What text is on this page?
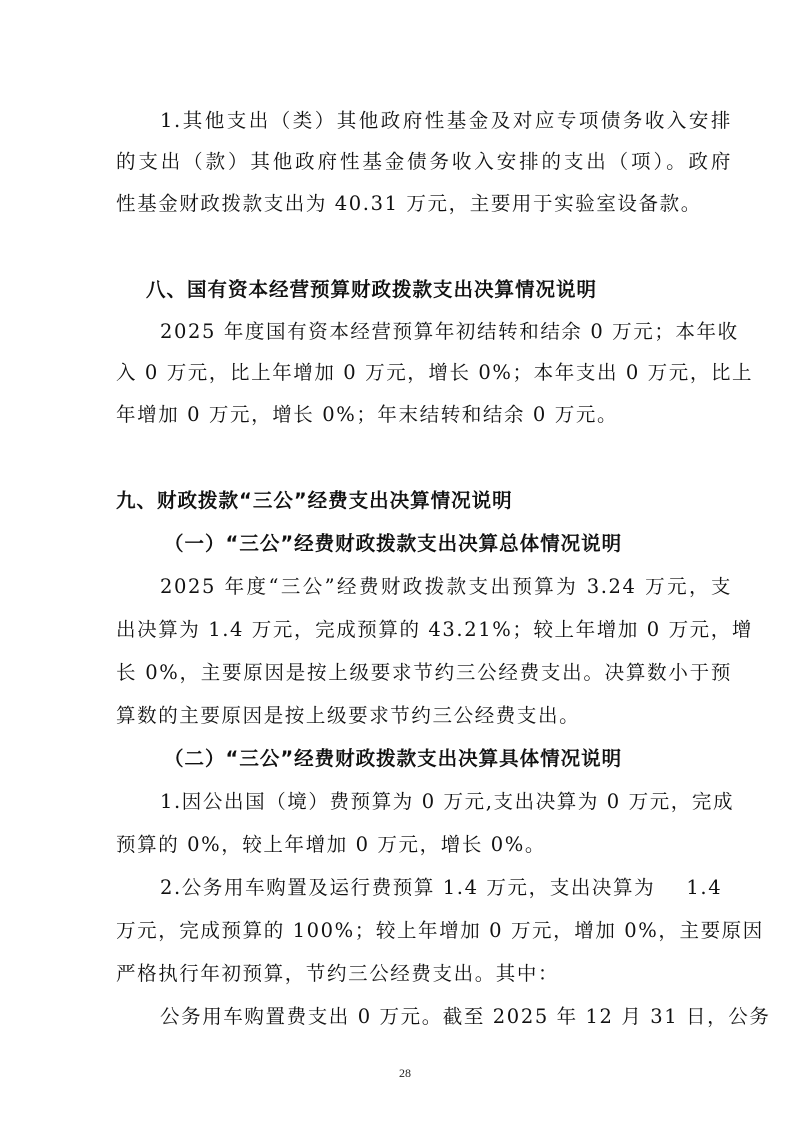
1.其他支出（类）其他政府性基金及对应专项债务收入安排
的支出（款）其他政府性基金债务收入安排的支出（项）。政府
性基金财政拨款支出为 40.31 万元，主要用于实验室设备款。
八、国有资本经营预算财政拨款支出决算情况说明
2025 年度国有资本经营预算年初结转和结余 0 万元；本年收
入 0 万元，比上年增加 0 万元，增长 0%；本年支出 0 万元，比上
年增加 0 万元，增长 0%；年末结转和结余 0 万元。
九、财政拨款“三公”经费支出决算情况说明
（一）“三公”经费财政拨款支出决算总体情况说明
2025 年度“三公”经费财政拨款支出预算为 3.24 万元，支
出决算为 1.4 万元，完成预算的 43.21%；较上年增加 0 万元，增
长 0%，主要原因是按上级要求节约三公经费支出。决算数小于预
算数的主要原因是按上级要求节约三公经费支出。
（二）“三公”经费财政拨款支出决算具体情况说明
1.因公出国（境）费预算为 0 万元,支出决算为 0 万元，完成
预算的 0%，较上年增加 0 万元，增长 0%。
2.公务用车购置及运行费预算 1.4 万元，支出决算为    1.4
万元，完成预算的 100%；较上年增加 0 万元，增加 0%，主要原因
严格执行年初预算，节约三公经费支出。其中：
公务用车购置费支出 0 万元。截至 2025 年 12 月 31 日，公务
28
